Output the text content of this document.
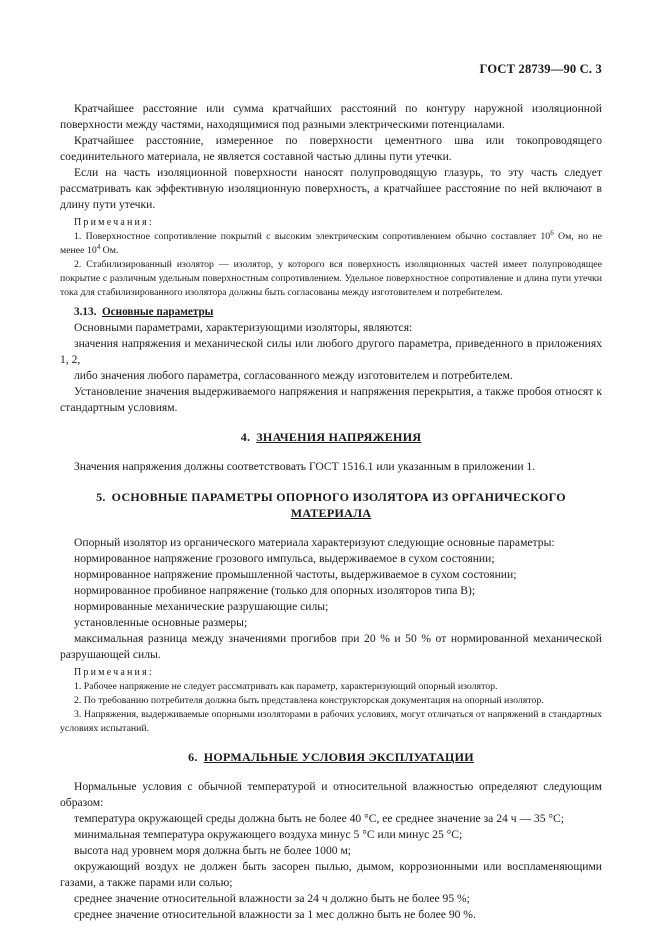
ГОСТ 28739—90 С. 3

Кратчайшее расстояние или сумма кратчайших расстояний по контуру наружной изоляционной поверхности между частями, находящимися под разными электрическими потенциалами.

Кратчайшее расстояние, измеренное по поверхности цементного шва или токопроводящего соединительного материала, не является составной частью длины пути утечки.

Если на часть изоляционной поверхности наносят полупроводящую глазурь, то эту часть следует рассматривать как эффективную изоляционную поверхность, а кратчайшее расстояние по ней включают в длину пути утечки.

Примечания:
1. Поверхностное сопротивление покрытий с высоким электрическим сопротивлением обычно составляет $10^6$ Ом, но не менее $10^4$ Ом.
2. Стабилизированный изолятор — изолятор, у которого вся поверхность изоляционных частей имеет полупроводящее покрытие с различным удельным поверхностным сопротивлением. Удельное поверхностное сопротивление и длина пути утечки тока для стабилизированного изолятора должны быть согласованы между изготовителем и потребителем.
3.13. Основные параметры

Основными параметрами, характеризующими изоляторы, являются:

значения напряжения и механической силы или любого другого параметра, приведенного в приложениях 1, 2,

либо значения любого параметра, согласованного между изготовителем и потребителем.

Установление значения выдерживаемого напряжения и напряжения перекрытия, а также пробоя относят к стандартным условиям.

4. ЗНАЧЕНИЯ НАПРЯЖЕНИЯ

Значения напряжения должны соответствовать ГОСТ 1516.1 или указанным в приложении 1.

5. ОСНОВНЫЕ ПАРАМЕТРЫ ОПОРНОГО ИЗОЛЯТОРА ИЗ ОРГАНИЧЕСКОГО
МАТЕРИАЛА

Опорный изолятор из органического материала характеризуют следующие основные параметры:

нормированное напряжение грозового импульса, выдерживаемое в сухом состоянии;

нормированное напряжение промышленной частоты, выдерживаемое в сухом состоянии;

нормированное пробивное напряжение (только для опорных изоляторов типа В);

нормированные механические разрушающие силы;

установленные основные размеры;

максимальная разница между значениями прогибов при 20 % и 50 % от нормированной механической разрушающей силы.

Примечания:
1. Рабочее напряжение не следует рассматривать как параметр, характеризующий опорный изолятор.
2. По требованию потребителя должна быть представлена конструкторская документация на опорный изолятор.
3. Напряжения, выдерживаемые опорными изоляторами в рабочих условиях, могут отличаться от напряжений в стандартных условиях испытаний.
6. НОРМАЛЬНЫЕ УСЛОВИЯ ЭКСПЛУАТАЦИИ

Нормальные условия с обычной температурой и относительной влажностью определяют следующим образом:

температура окружающей среды должна быть не более 40 °С, ее среднее значение за 24 ч — 35 °С;

минимальная температура окружающего воздуха минус 5 °С или минус 25 °С;

высота над уровнем моря должна быть не более 1000 м;

окружающий воздух не должен быть засорен пылью, дымом, коррозионными или воспламеняющими газами, а также парами или солью;

среднее значение относительной влажности за 24 ч должно быть не более 95 %;

среднее значение относительной влажности за 1 мес должно быть не более 90 %.
